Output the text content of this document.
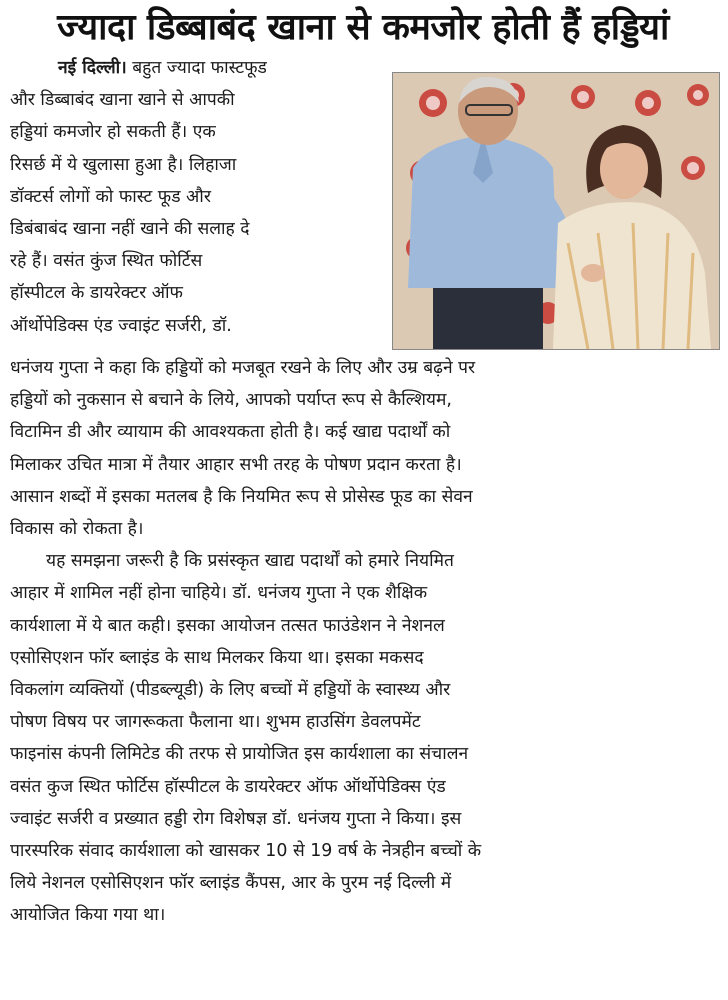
ज्यादा डिब्बाबंद खाना से कमजोर होती हैं हड्डियां
नई दिल्ली। बहुत ज्यादा फास्टफूड
और डिब्बाबंद खाना खाने से आपकी
हड्डियां कमजोर हो सकती हैं। एक
रिसर्छ में ये खुलासा हुआ है। लिहाजा
डॉक्टर्स लोगों को फास्ट फूड और
डिबंबाबंद खाना नहीं खाने की सलाह दे
रहे हैं। वसंत कुंज स्थित फोर्टिस
हॉस्पीटल के डायरेक्टर ऑफ
ऑर्थोपेडिक्स एंड ज्वाइंट सर्जरी, डॉ.
धनंजय गुप्ता ने कहा कि हड्डियों को मजबूत रखने के लिए और उम्र बढ़ने पर
हड्डियों को नुकसान से बचाने के लिये, आपको पर्याप्त रूप से कैल्शियम,
विटामिन डी और व्यायाम की आवश्यकता होती है। कई खाद्य पदार्थों को
मिलाकर उचित मात्रा में तैयार आहार सभी तरह के पोषण प्रदान करता है।
आसान शब्दों में इसका मतलब है कि नियमित रूप से प्रोसेस्ड फूड का सेवन
विकास को रोकता है।
यह समझना जरूरी है कि प्रसंस्कृत खाद्य पदार्थों को हमारे नियमित
आहार में शामिल नहीं होना चाहिये। डॉ. धनंजय गुप्ता ने एक शैक्षिक
कार्यशाला में ये बात कही। इसका आयोजन तत्सत फाउंडेशन ने नेशनल
एसोसिएशन फॉर ब्लाइंड के साथ मिलकर किया था। इसका मकसद
विकलांग व्यक्तियों (पीडब्ल्यूडी) के लिए बच्चों में हड्डियों के स्वास्थ्य और
पोषण विषय पर जागरूकता फैलाना था। शुभम हाउसिंग डेवलपमेंट
फाइनांस कंपनी लिमिटेड की तरफ से प्रायोजित इस कार्यशाला का संचालन
वसंत कुज स्थित फोर्टिस हॉस्पीटल के डायरेक्टर ऑफ ऑर्थोपेडिक्स एंड
ज्वाइंट सर्जरी व प्रख्यात हड्डी रोग विशेषज्ञ डॉ. धनंजय गुप्ता ने किया। इस
पारस्परिक संवाद कार्यशाला को खासकर 10 से 19 वर्ष के नेत्रहीन बच्चों के
लिये नेशनल एसोसिएशन फॉर ब्लाइंड कैंपस, आर के पुरम नई दिल्ली में
आयोजित किया गया था।
